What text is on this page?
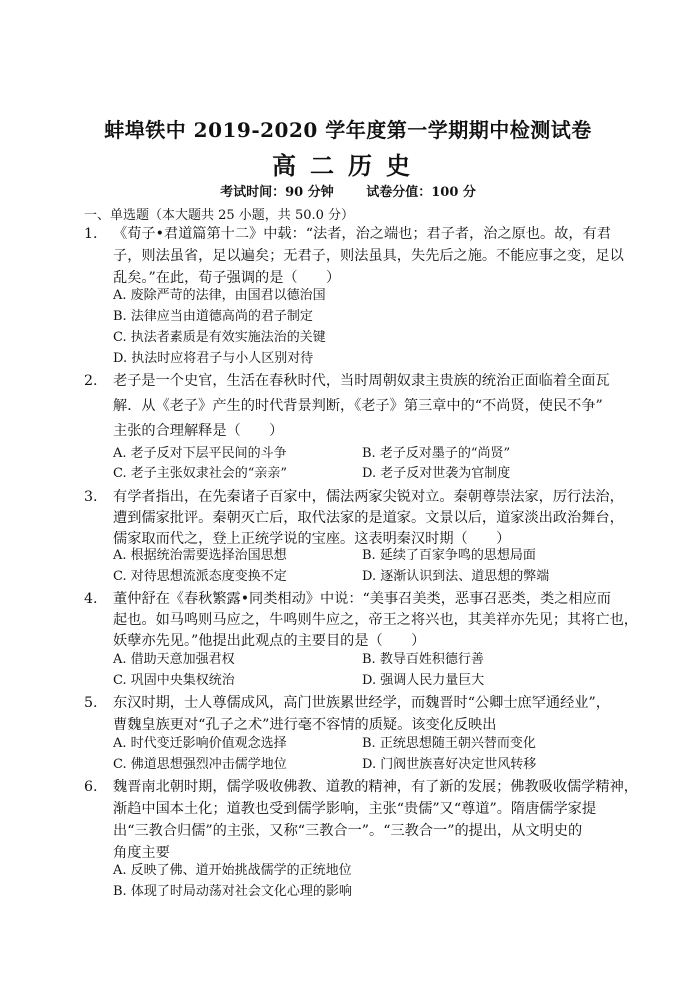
蚌埠铁中 2019-2020 学年度第一学期期中检测试卷
高二历史
考试时间：90 分钟	试卷分值：100 分
一、单选题（本大题共 25 小题，共 50.0 分）
1.	《荀子•君道篇第十二》中载：“法者，治之端也；君子者，治之原也。故，有君
子，则法虽省，足以遍矣；无君子，则法虽具，失先后之施。不能应事之变，足以
乱矣。”在此，荀子强调的是（　　）
A. 废除严苛的法律，由国君以德治国
B. 法律应当由道德高尚的君子制定
C. 执法者素质是有效实施法治的关键
D. 执法时应将君子与小人区别对待
2.	老子是一个史官，生活在春秋时代，当时周朝奴隶主贵族的统治正面临着全面瓦
解．从《老子》产生的时代背景判断，《老子》第三章中的“不尚贤，使民不争”
主张的合理解释是（　　）
A. 老子反对下层平民间的斗争	B. 老子反对墨子的“尚贤”
C. 老子主张奴隶社会的“亲亲”	D. 老子反对世袭为官制度
3.	有学者指出，在先秦诸子百家中，儒法两家尖锐对立。秦朝尊崇法家，厉行法治，
遭到儒家批评。秦朝灭亡后，取代法家的是道家。文景以后，道家淡出政治舞台，
儒家取而代之，登上正统学说的宝座。这表明秦汉时期（　　）
A. 根据统治需要选择治国思想	B. 延续了百家争鸣的思想局面
C. 对待思想流派态度变换不定	D. 逐渐认识到法、道思想的弊端
4.	董仲舒在《春秋繁露•同类相动》中说：“美事召美类，恶事召恶类，类之相应而
起也。如马鸣则马应之，牛鸣则牛应之，帝王之将兴也，其美祥亦先见；其将亡也，
妖孽亦先见。”他提出此观点的主要目的是（　　）
A. 借助天意加强君权	B. 教导百姓积德行善
C. 巩固中央集权统治	D. 强调人民力量巨大
5.	东汉时期，士人尊儒成风，高门世族累世经学，而魏晋时“公卿士庶罕通经业”，
曹魏皇族更对“孔子之术”进行毫不容情的质疑。该变化反映出
A. 时代变迁影响价值观念选择	B. 正统思想随王朝兴替而变化
C. 佛道思想强烈冲击儒学地位	D. 门阀世族喜好决定世风转移
6.	魏晋南北朝时期，儒学吸收佛教、道教的精神，有了新的发展；佛教吸收儒学精神，
渐趋中国本土化；道教也受到儒学影响，主张“贵儒”又“尊道”。隋唐儒学家提
出“三教合归儒”的主张，又称“三教合一”。“三教合一”的提出，从文明史的
角度主要
A. 反映了佛、道开始挑战儒学的正统地位
B. 体现了时局动荡对社会文化心理的影响
